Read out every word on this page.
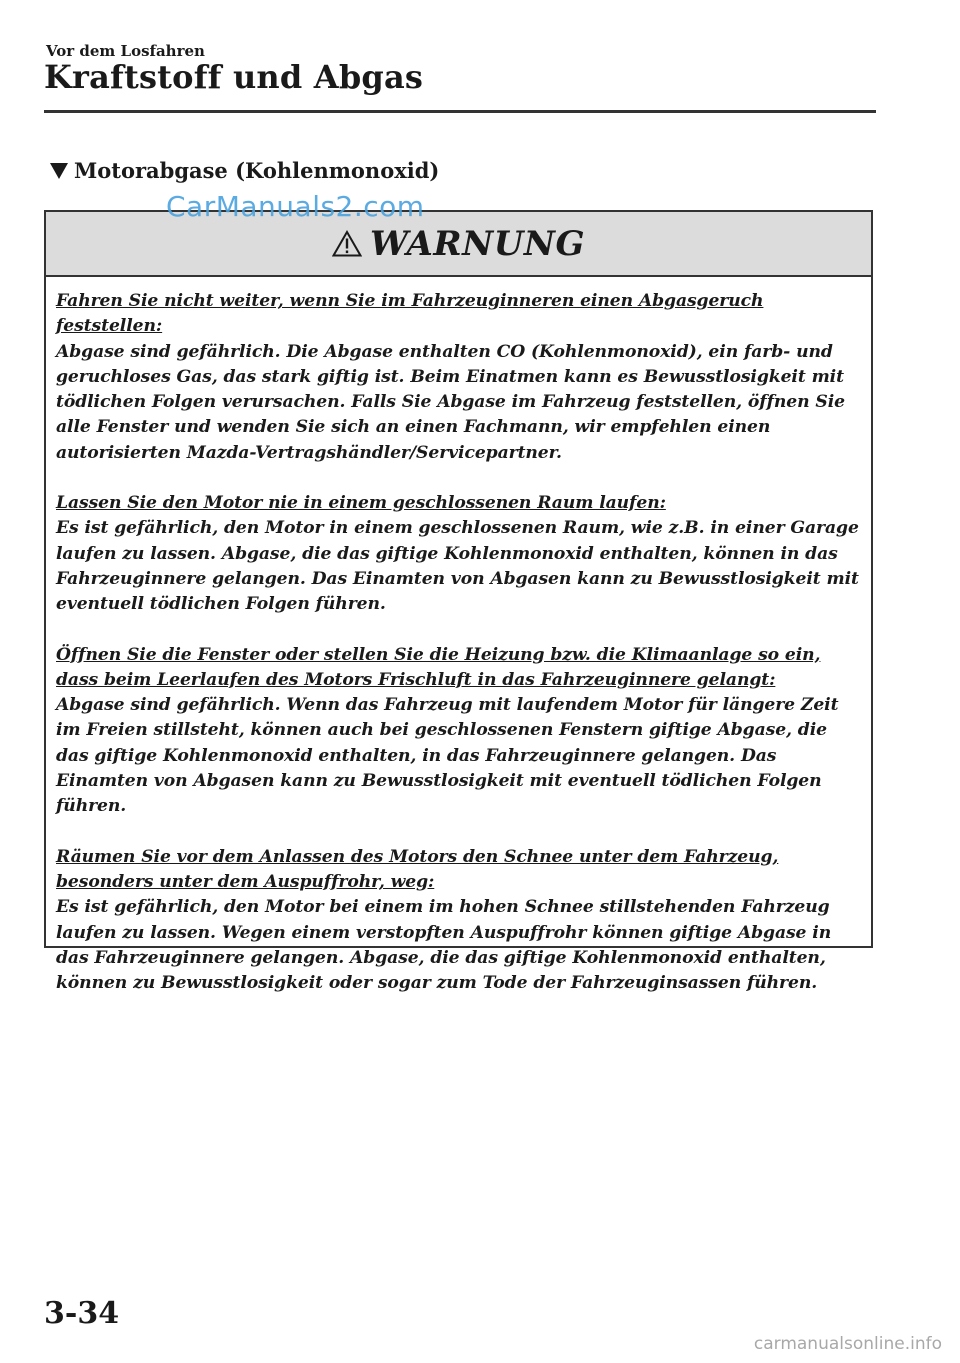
Vor dem Losfahren
Kraftstoff und Abgas
Motorabgase (Kohlenmonoxid)
CarManuals2.com
WARNUNG
Fahren Sie nicht weiter, wenn Sie im Fahrzeuginneren einen Abgasgeruch feststellen:
Abgase sind gefährlich. Die Abgase enthalten CO (Kohlenmonoxid), ein farb- und geruchloses Gas, das stark giftig ist. Beim Einatmen kann es Bewusstlosigkeit mit tödlichen Folgen verursachen. Falls Sie Abgase im Fahrzeug feststellen, öffnen Sie alle Fenster und wenden Sie sich an einen Fachmann, wir empfehlen einen autorisierten Mazda-Vertragshändler/Servicepartner.
Lassen Sie den Motor nie in einem geschlossenen Raum laufen:
Es ist gefährlich, den Motor in einem geschlossenen Raum, wie z.B. in einer Garage laufen zu lassen. Abgase, die das giftige Kohlenmonoxid enthalten, können in das Fahrzeuginnere gelangen. Das Einamten von Abgasen kann zu Bewusstlosigkeit mit eventuell tödlichen Folgen führen.
Öffnen Sie die Fenster oder stellen Sie die Heizung bzw. die Klimaanlage so ein, dass beim Leerlaufen des Motors Frischluft in das Fahrzeuginnere gelangt:
Abgase sind gefährlich. Wenn das Fahrzeug mit laufendem Motor für längere Zeit im Freien stillsteht, können auch bei geschlossenen Fenstern giftige Abgase, die das giftige Kohlenmonoxid enthalten, in das Fahrzeuginnere gelangen. Das Einamten von Abgasen kann zu Bewusstlosigkeit mit eventuell tödlichen Folgen führen.
Räumen Sie vor dem Anlassen des Motors den Schnee unter dem Fahrzeug, besonders unter dem Auspuffrohr, weg:
Es ist gefährlich, den Motor bei einem im hohen Schnee stillstehenden Fahrzeug laufen zu lassen. Wegen einem verstopften Auspuffrohr können giftige Abgase in das Fahrzeuginnere gelangen. Abgase, die das giftige Kohlenmonoxid enthalten, können zu Bewusstlosigkeit oder sogar zum Tode der Fahrzeuginsassen führen.
3-34
carmanualsonline.info
